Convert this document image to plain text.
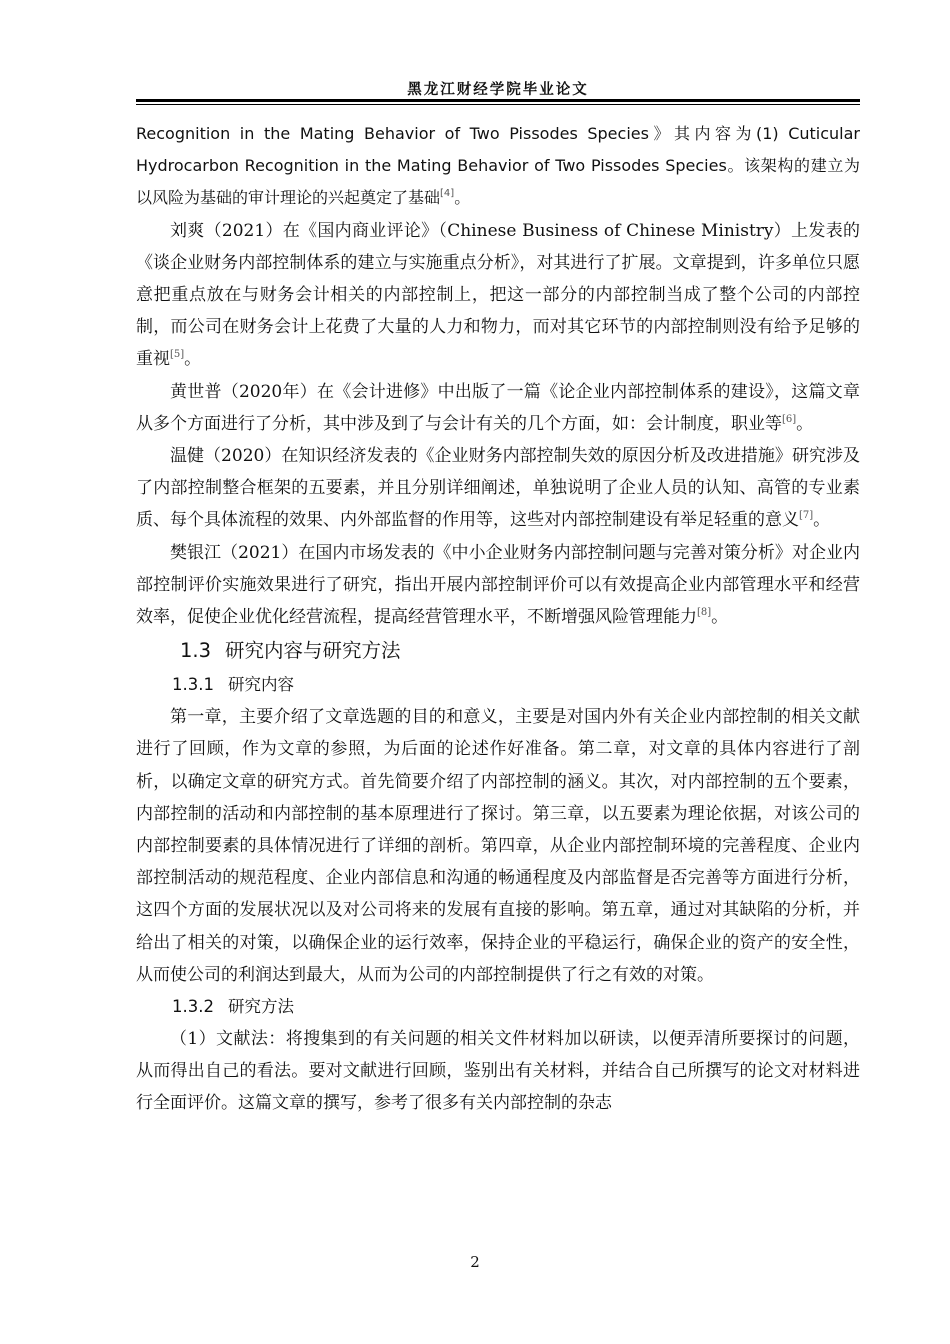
黑龙江财经学院毕业论文

Recognition in the Mating Behavior of Two Pissodes Species》其内容为(1) Cuticular Hydrocarbon Recognition in the Mating Behavior of Two Pissodes Species。该架构的建立为以风险为基础的审计理论的兴起奠定了基础[4]。

刘爽（2021）在《国内商业评论》（Chinese Business of Chinese Ministry）上发表的《谈企业财务内部控制体系的建立与实施重点分析》，对其进行了扩展。文章提到，许多单位只愿意把重点放在与财务会计相关的内部控制上，把这一部分的内部控制当成了整个公司的内部控制，而公司在财务会计上花费了大量的人力和物力，而对其它环节的内部控制则没有给予足够的重视[5]。

黄世普（2020年）在《会计进修》中出版了一篇《论企业内部控制体系的建设》，这篇文章从多个方面进行了分析，其中涉及到了与会计有关的几个方面，如：会计制度，职业等[6]。

温健（2020）在知识经济发表的《企业财务内部控制失效的原因分析及改进措施》研究涉及了内部控制整合框架的五要素，并且分别详细阐述，单独说明了企业人员的认知、高管的专业素质、每个具体流程的效果、内外部监督的作用等，这些对内部控制建设有举足轻重的意义[7]。

樊银江（2021）在国内市场发表的《中小企业财务内部控制问题与完善对策分析》对企业内部控制评价实施效果进行了研究，指出开展内部控制评价可以有效提高企业内部管理水平和经营效率，促使企业优化经营流程，提高经营管理水平，不断增强风险管理能力[8]。

1.3 研究内容与研究方法
1.3.1 研究内容

第一章，主要介绍了文章选题的目的和意义，主要是对国内外有关企业内部控制的相关文献进行了回顾，作为文章的参照，为后面的论述作好准备。第二章，对文章的具体内容进行了剖析，以确定文章的研究方式。首先简要介绍了内部控制的涵义。其次，对内部控制的五个要素，内部控制的活动和内部控制的基本原理进行了探讨。第三章，以五要素为理论依据，对该公司的内部控制要素的具体情况进行了详细的剖析。第四章，从企业内部控制环境的完善程度、企业内部控制活动的规范程度、企业内部信息和沟通的畅通程度及内部监督是否完善等方面进行分析，这四个方面的发展状况以及对公司将来的发展有直接的影响。第五章，通过对其缺陷的分析，并给出了相关的对策，以确保企业的运行效率，保持企业的平稳运行，确保企业的资产的安全性，从而使公司的利润达到最大，从而为公司的内部控制提供了行之有效的对策。

1.3.2 研究方法

（1）文献法：将搜集到的有关问题的相关文件材料加以研读，以便弄清所要探讨的问题，从而得出自己的看法。要对文献进行回顾，鉴别出有关材料，并结合自己所撰写的论文对材料进行全面评价。这篇文章的撰写，参考了很多有关内部控制的杂志

2
